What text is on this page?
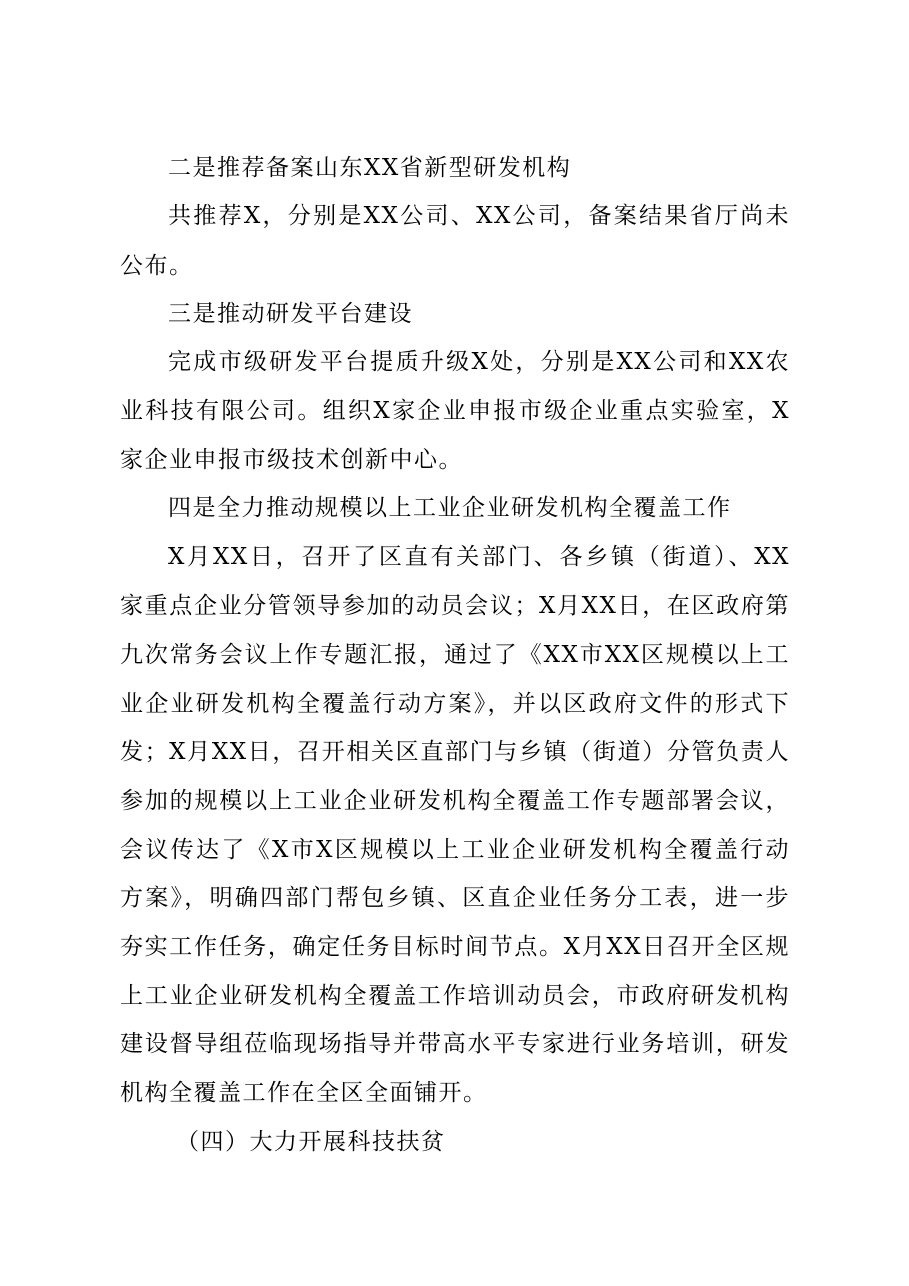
二是推荐备案山东XX省新型研发机构
共推荐X，分别是XX公司、XX公司，备案结果省厅尚未
公布。
三是推动研发平台建设
完成市级研发平台提质升级X处，分别是XX公司和XX农
业科技有限公司。组织X家企业申报市级企业重点实验室，X
家企业申报市级技术创新中心。
四是全力推动规模以上工业企业研发机构全覆盖工作
X月XX日，召开了区直有关部门、各乡镇（街道）、XX
家重点企业分管领导参加的动员会议；X月XX日，在区政府第
九次常务会议上作专题汇报，通过了《XX市XX区规模以上工
业企业研发机构全覆盖行动方案》，并以区政府文件的形式下
发；X月XX日，召开相关区直部门与乡镇（街道）分管负责人
参加的规模以上工业企业研发机构全覆盖工作专题部署会议，
会议传达了《X市X区规模以上工业企业研发机构全覆盖行动
方案》，明确四部门帮包乡镇、区直企业任务分工表，进一步
夯实工作任务，确定任务目标时间节点。X月XX日召开全区规
上工业企业研发机构全覆盖工作培训动员会，市政府研发机构
建设督导组莅临现场指导并带高水平专家进行业务培训，研发
机构全覆盖工作在全区全面铺开。
（四）大力开展科技扶贫
